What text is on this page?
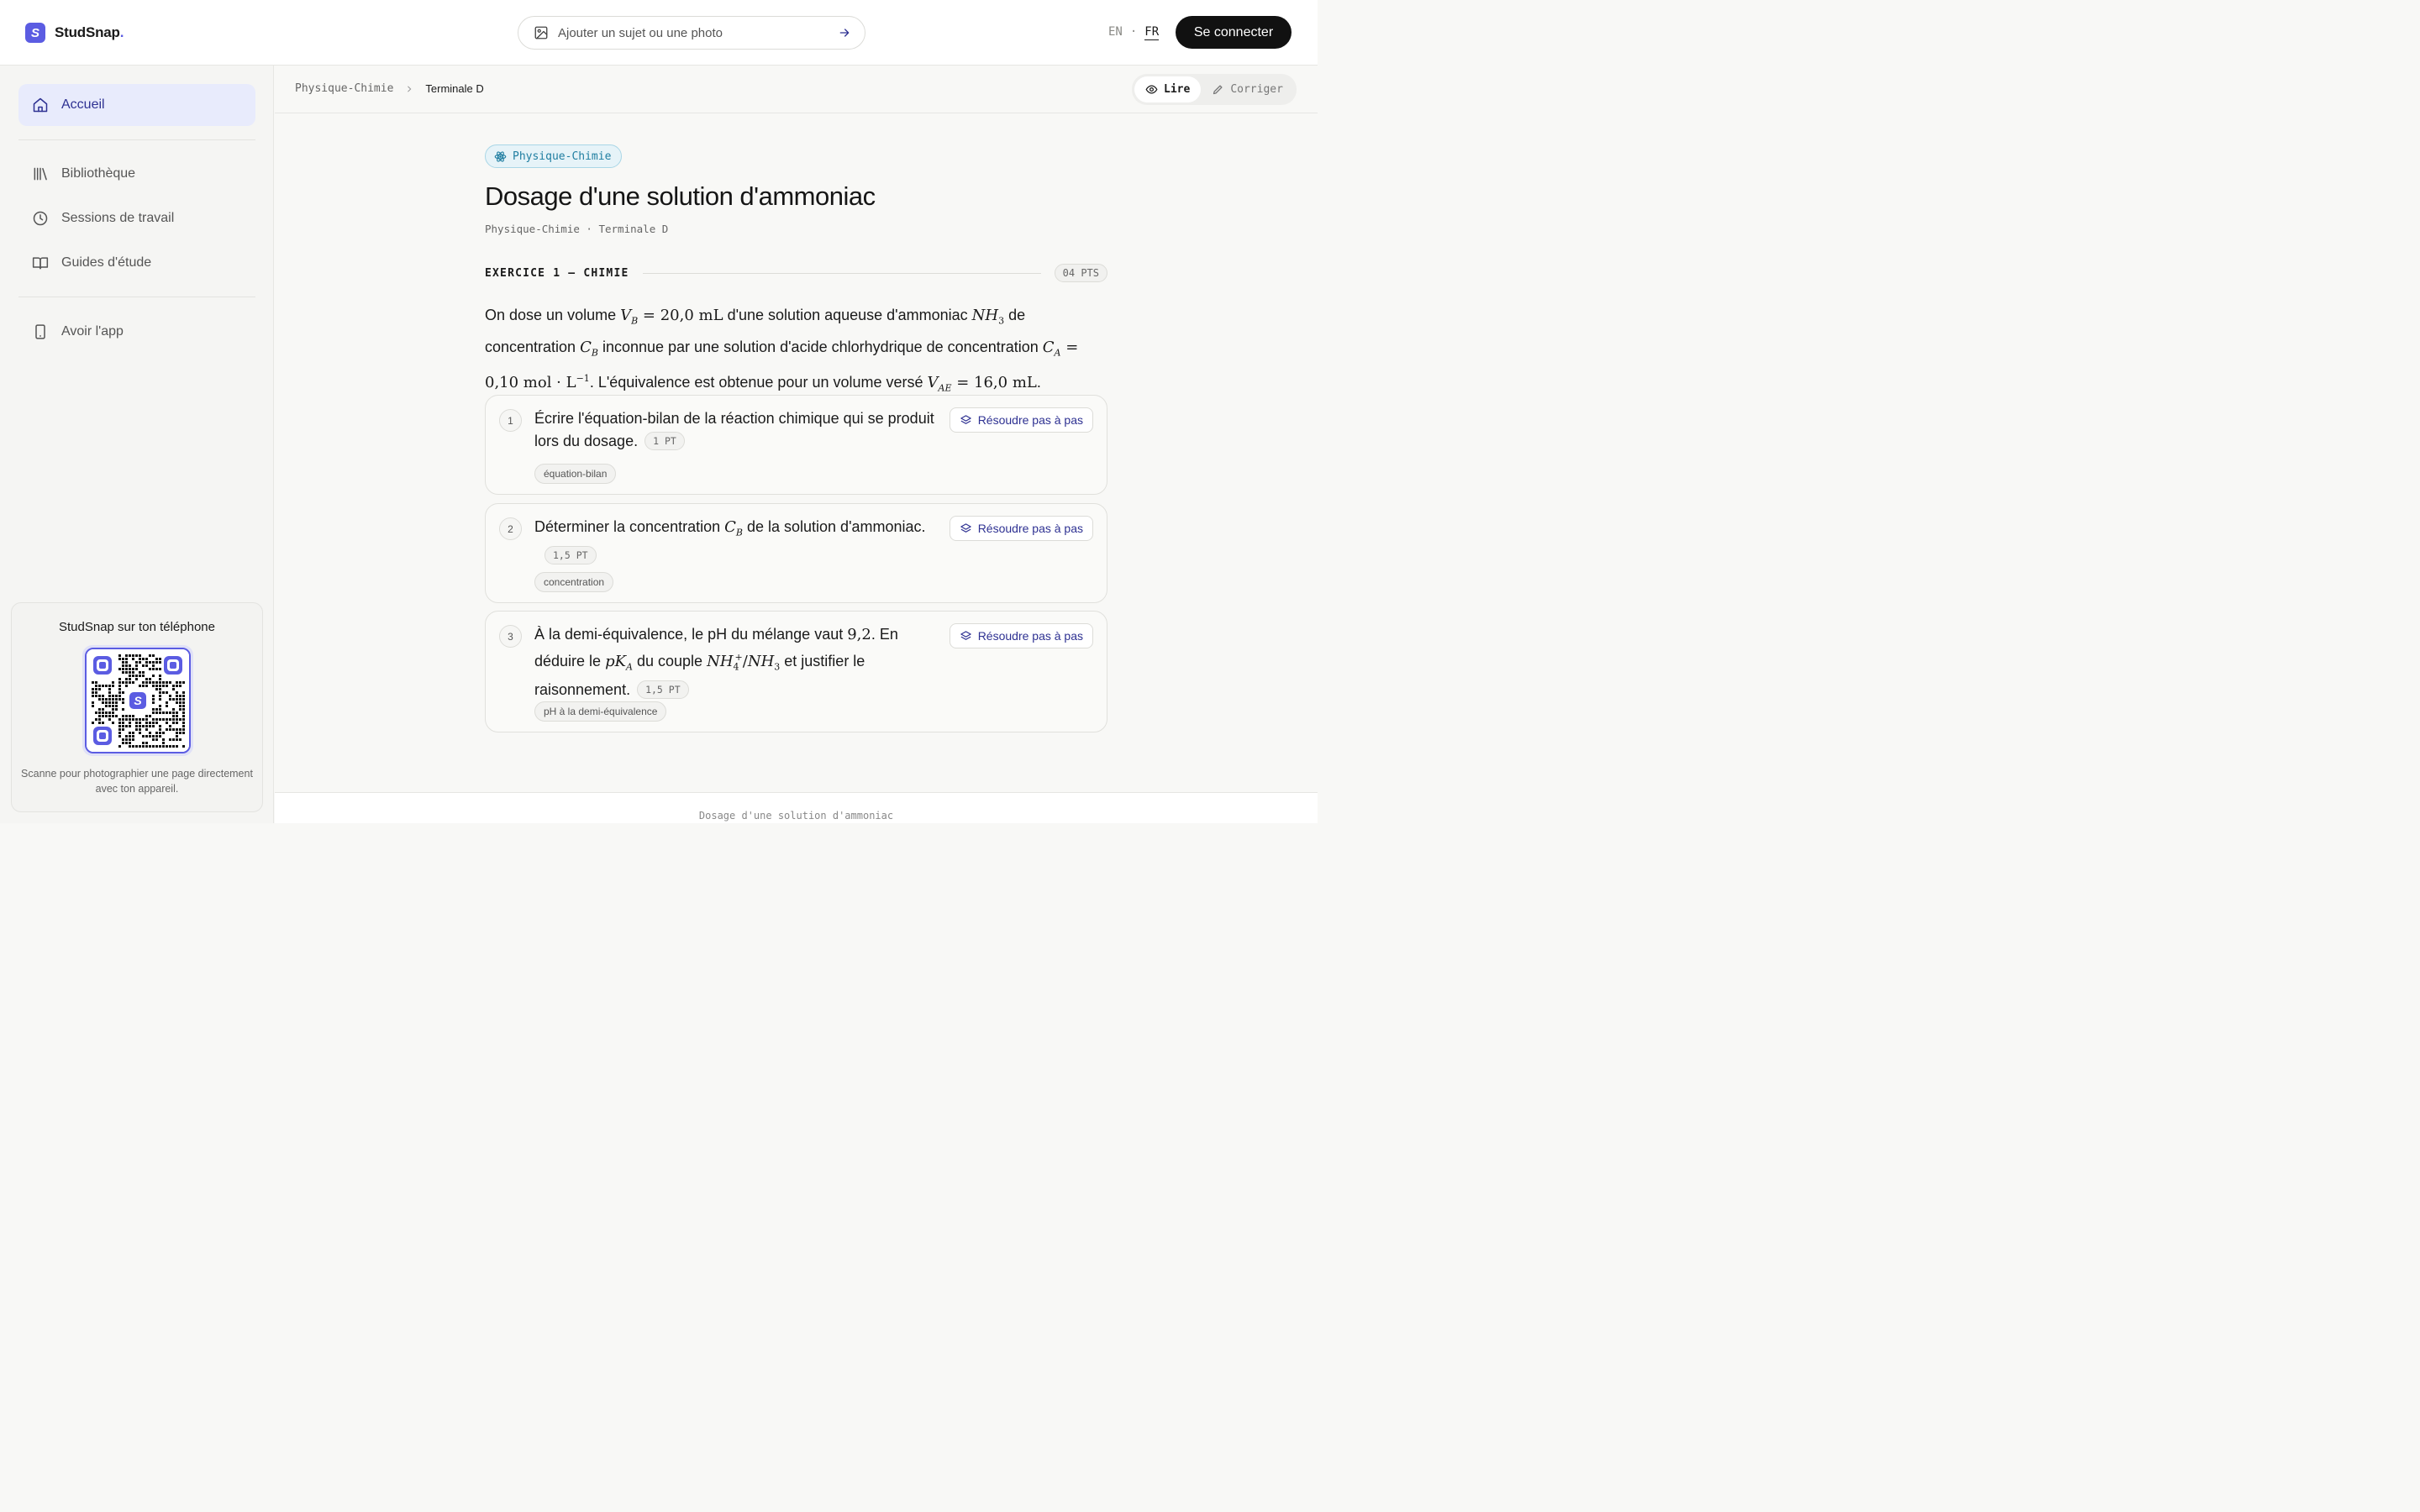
S	StudSnap.	Ajouter un sujet ou une photo	EN · FR	Se connecter
Accueil
Bibliothèque
Sessions de travail
Guides d'étude
Avoir l'app
StudSnap sur ton téléphone
S
Scanne pour photographier une page directement avec ton appareil.
Physique-Chimie	Terminale D	Lire	Corriger
Physique-Chimie
Dosage d'une solution d'ammoniac
Physique-Chimie · Terminale D
EXERCICE 1 — CHIMIE	04 PTS

On dose un volume $V_B = 20,0$ mL d'une solution aqueuse d'ammoniac $NH_3$ de concentration $C_B$ inconnue par une solution d'acide chlorhydrique de concentration $C_A = 0,10$ mol · $L^{-1}$. L'équivalence est obtenue pour un volume versé $V_{AE} = 16,0$ mL.

1	Écrire l'équation-bilan de la réaction chimique qui se produit lors du dosage. 1 PT
équation-bilan
Résoudre pas à pas
2	Déterminer la concentration $C_B$ de la solution d'ammoniac.
1,5 PT
concentration
Résoudre pas à pas
3	À la demi-équivalence, le pH du mélange vaut 9,2. En déduire le $pK_A$ du couple $NH_4^+/NH_3$ et justifier le raisonnement. 1,5 PT
pH à la demi-équivalence
Résoudre pas à pas
Dosage d'une solution d'ammoniac
